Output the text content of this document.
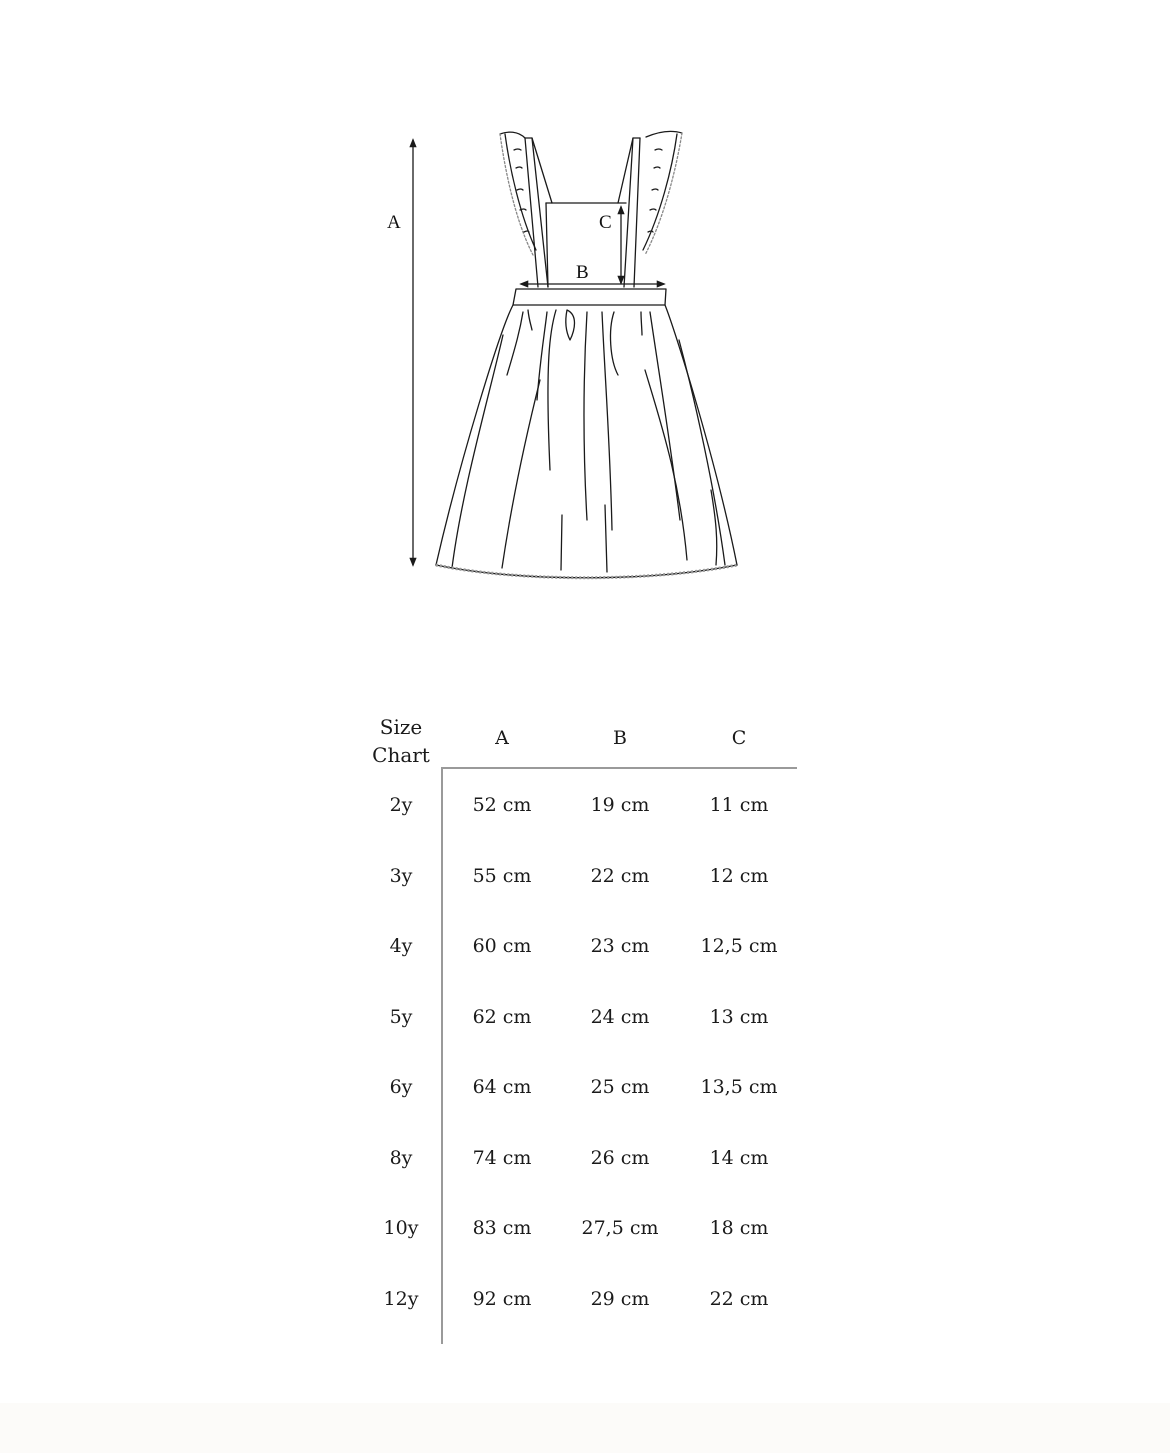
A
B
C
Size
Chart
A	B	C
2y	52 cm	19 cm	11 cm
3y	55 cm	22 cm	12 cm
4y	60 cm	23 cm	12,5 cm
5y	62 cm	24 cm	13 cm
6y	64 cm	25 cm	13,5 cm
8y	74 cm	26 cm	14 cm
10y	83 cm	27,5 cm	18 cm
12y	92 cm	29 cm	22 cm
